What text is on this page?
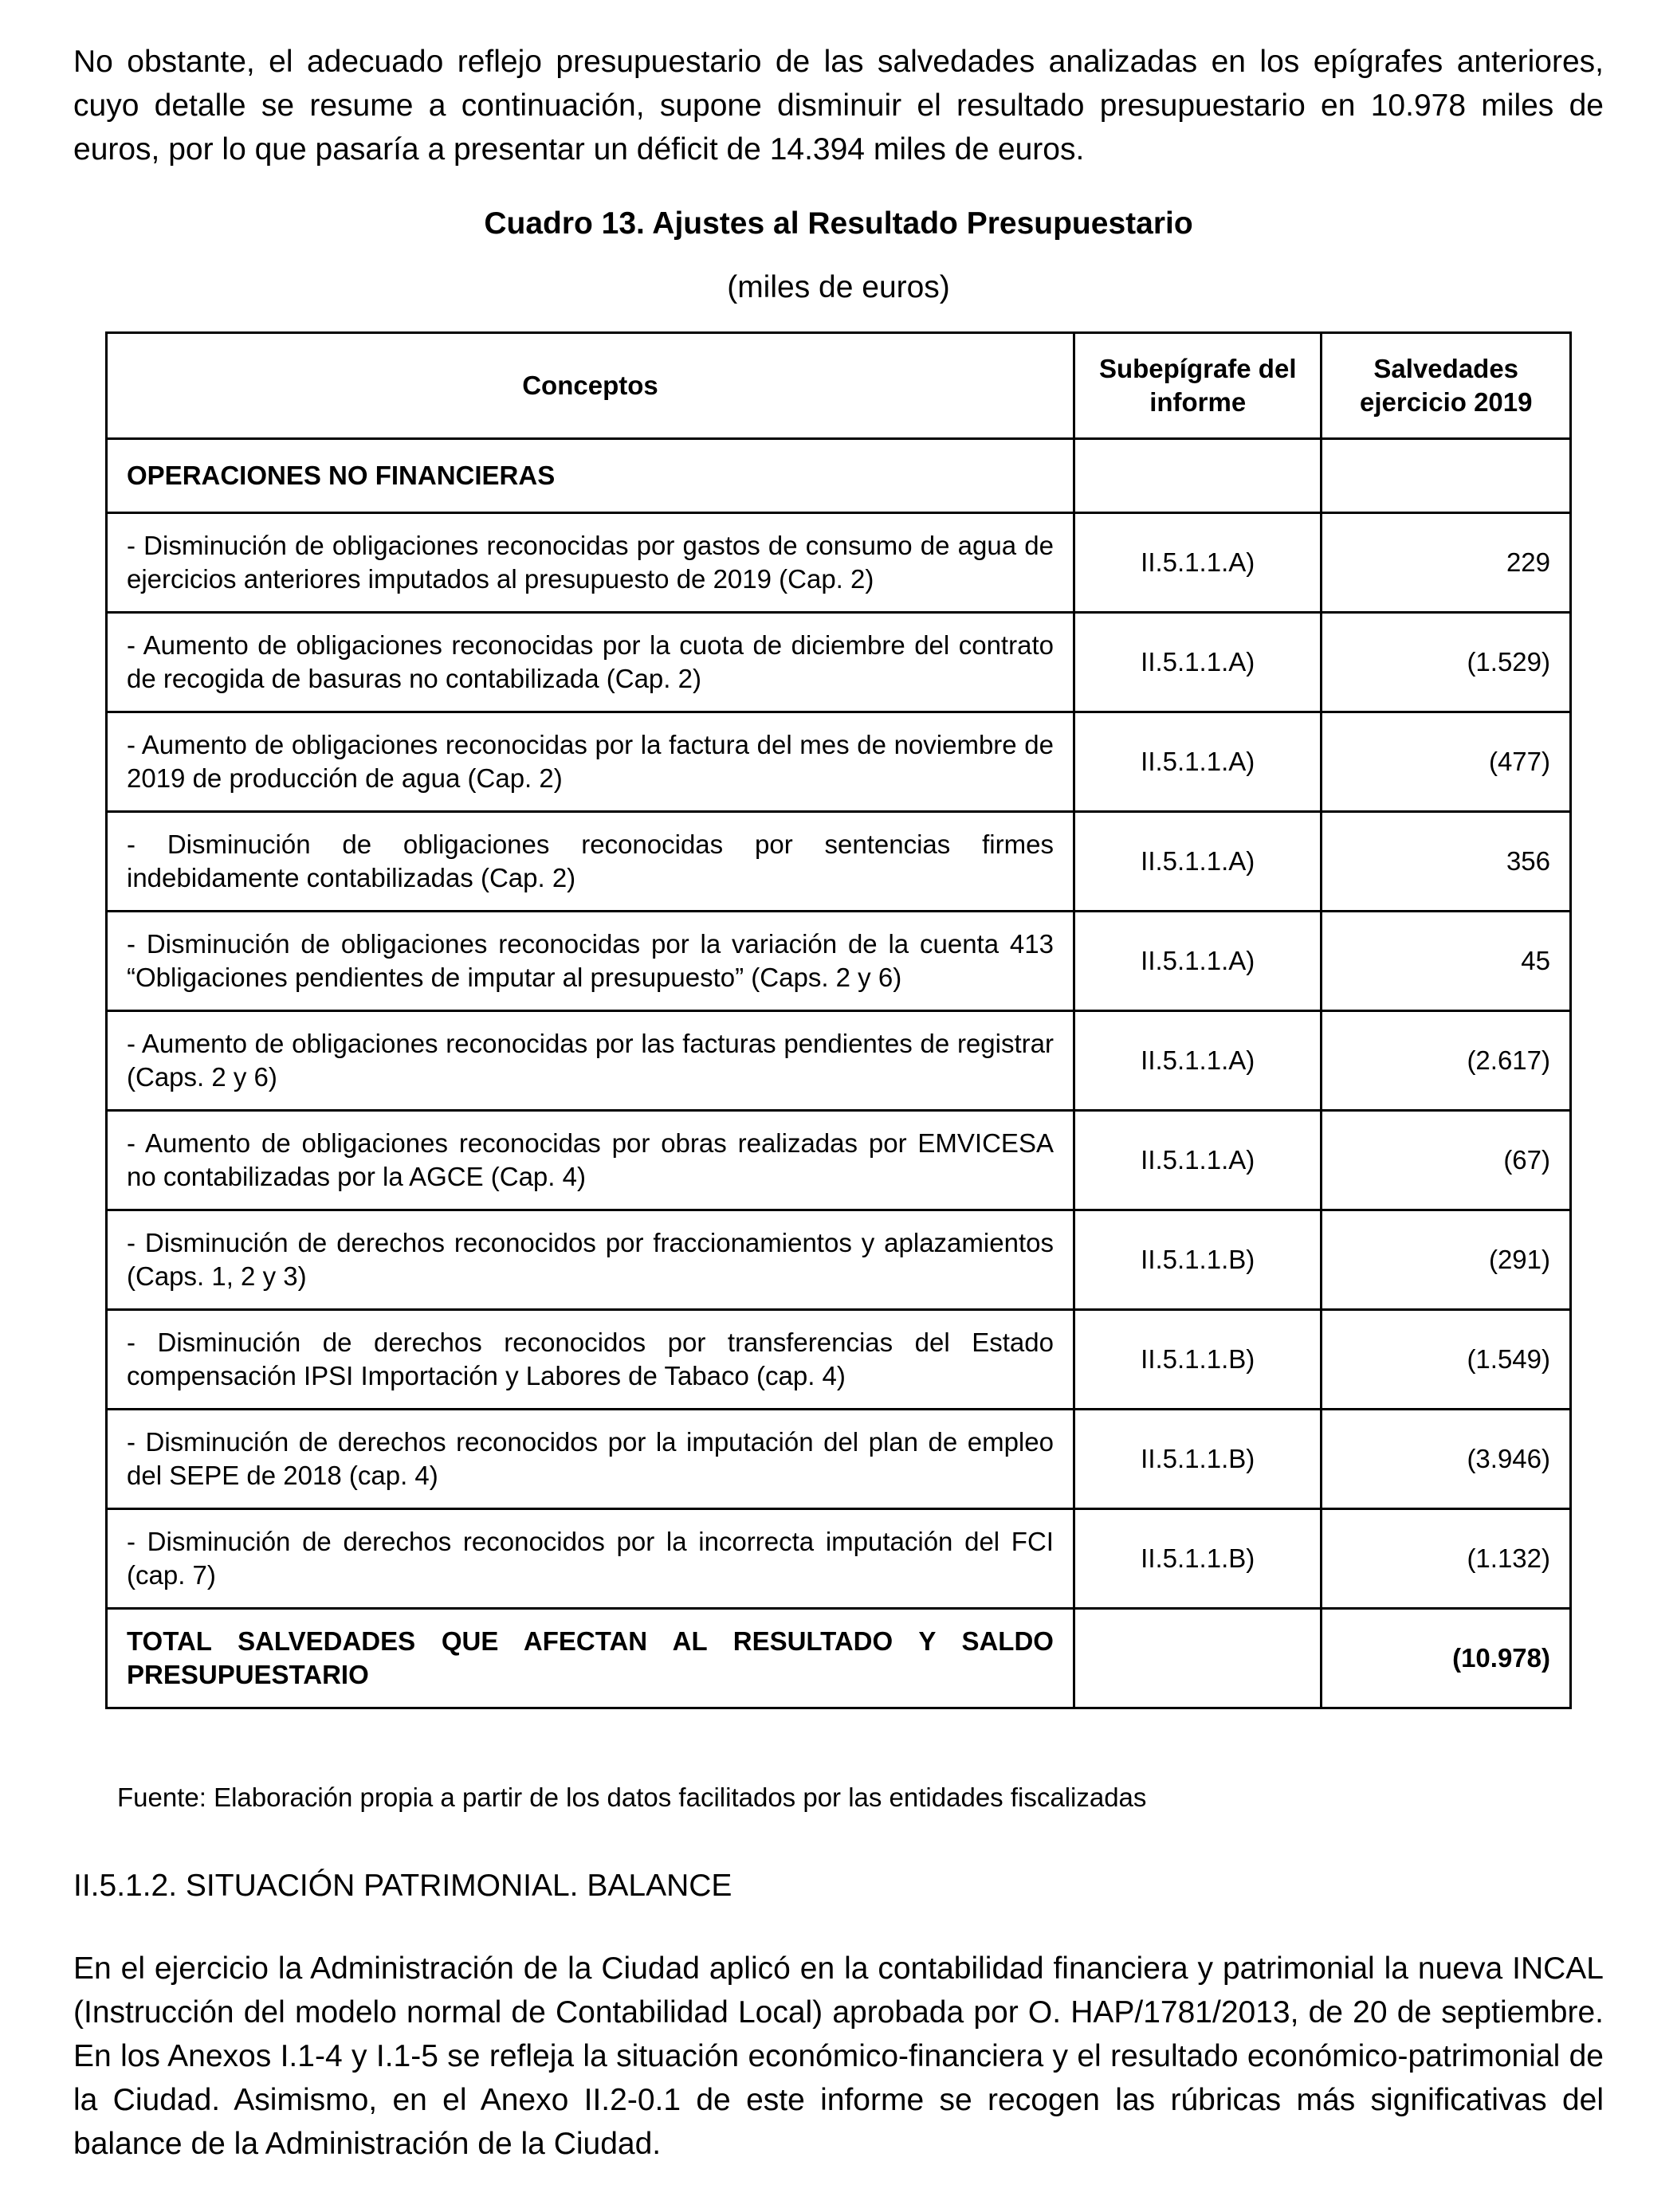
No obstante, el adecuado reflejo presupuestario de las salvedades analizadas en los epígrafes anteriores, cuyo detalle se resume a continuación, supone disminuir el resultado presupuestario en 10.978 miles de euros, por lo que pasaría a presentar un déficit de 14.394 miles de euros.

Cuadro 13. Ajustes al Resultado Presupuestario
(miles de euros)
Conceptos	Subepígrafe del informe	Salvedades ejercicio 2019
OPERACIONES NO FINANCIERAS		
- Disminución de obligaciones reconocidas por gastos de consumo de agua de ejercicios anteriores imputados al presupuesto de 2019 (Cap. 2)	II.5.1.1.A)	229
- Aumento de obligaciones reconocidas por la cuota de diciembre del contrato de recogida de basuras no contabilizada (Cap. 2)	II.5.1.1.A)	(1.529)
- Aumento de obligaciones reconocidas por la factura del mes de noviembre de 2019 de producción de agua (Cap. 2)	II.5.1.1.A)	(477)
- Disminución de obligaciones reconocidas por sentencias firmes indebidamente contabilizadas (Cap. 2)	II.5.1.1.A)	356
- Disminución de obligaciones reconocidas por la variación de la cuenta 413 “Obligaciones pendientes de imputar al presupuesto” (Caps. 2 y 6)	II.5.1.1.A)	45
- Aumento de obligaciones reconocidas por las facturas pendientes de registrar (Caps. 2 y 6)	II.5.1.1.A)	(2.617)
- Aumento de obligaciones reconocidas por obras realizadas por EMVICESA no contabilizadas por la AGCE (Cap. 4)	II.5.1.1.A)	(67)
- Disminución de derechos reconocidos por fraccionamientos y aplazamientos (Caps. 1, 2 y 3)	II.5.1.1.B)	(291)
- Disminución de derechos reconocidos por transferencias del Estado compensación IPSI Importación y Labores de Tabaco (cap. 4)	II.5.1.1.B)	(1.549)
- Disminución de derechos reconocidos por la imputación del plan de empleo del SEPE de 2018 (cap. 4)	II.5.1.1.B)	(3.946)
- Disminución de derechos reconocidos por la incorrecta imputación del FCI (cap. 7)	II.5.1.1.B)	(1.132)
TOTAL SALVEDADES QUE AFECTAN AL RESULTADO Y SALDO PRESUPUESTARIO		(10.978)
Fuente: Elaboración propia a partir de los datos facilitados por las entidades fiscalizadas
II.5.1.2. SITUACIÓN PATRIMONIAL. BALANCE

En el ejercicio la Administración de la Ciudad aplicó en la contabilidad financiera y patrimonial la nueva INCAL (Instrucción del modelo normal de Contabilidad Local) aprobada por O. HAP/1781/2013, de 20 de septiembre. En los Anexos I.1-4 y I.1-5 se refleja la situación económico-financiera y el resultado económico-patrimonial de la Ciudad. Asimismo, en el Anexo II.2-0.1 de este informe se recogen las rúbricas más significativas del balance de la Administración de la Ciudad.
